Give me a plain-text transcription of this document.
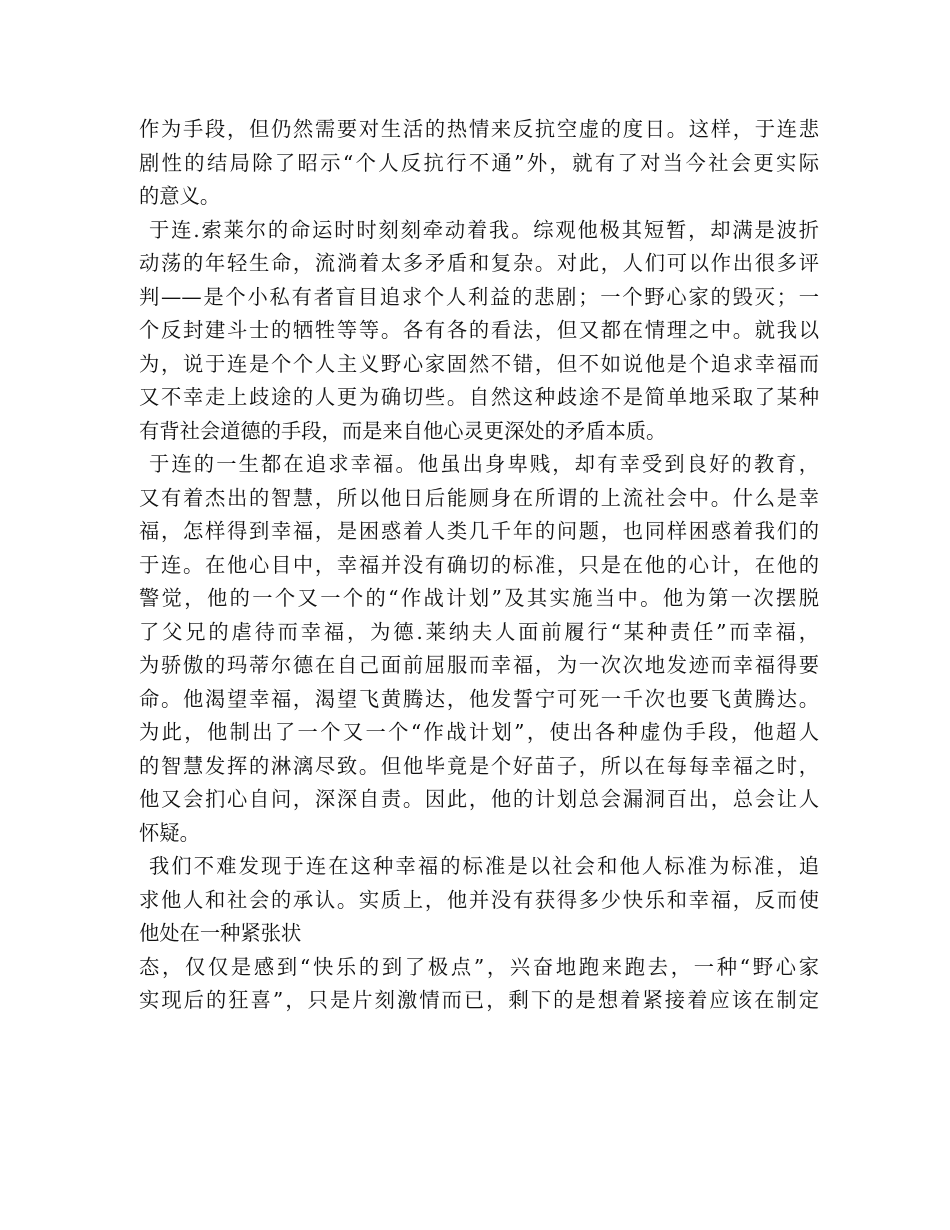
作为手段，但仍然需要对生活的热情来反抗空虚的度日。这样，于连悲
剧性的结局除了昭示“个人反抗行不通”外，就有了对当今社会更实际
的意义。
于连.索莱尔的命运时时刻刻牵动着我。综观他极其短暂，却满是波折
动荡的年轻生命，流淌着太多矛盾和复杂。对此，人们可以作出很多评
判——是个小私有者盲目追求个人利益的悲剧；一个野心家的毁灭；一
个反封建斗士的牺牲等等。各有各的看法，但又都在情理之中。就我以
为，说于连是个个人主义野心家固然不错，但不如说他是个追求幸福而
又不幸走上歧途的人更为确切些。自然这种歧途不是简单地采取了某种
有背社会道德的手段，而是来自他心灵更深处的矛盾本质。
于连的一生都在追求幸福。他虽出身卑贱，却有幸受到良好的教育，
又有着杰出的智慧，所以他日后能厕身在所谓的上流社会中。什么是幸
福，怎样得到幸福，是困惑着人类几千年的问题，也同样困惑着我们的
于连。在他心目中，幸福并没有确切的标准，只是在他的心计，在他的
警觉，他的一个又一个的“作战计划”及其实施当中。他为第一次摆脱
了父兄的虐待而幸福，为德.莱纳夫人面前履行“某种责任”而幸福，
为骄傲的玛蒂尔德在自己面前屈服而幸福，为一次次地发迹而幸福得要
命。他渴望幸福，渴望飞黄腾达，他发誓宁可死一千次也要飞黄腾达。
为此，他制出了一个又一个“作战计划”，使出各种虚伪手段，他超人
的智慧发挥的淋漓尽致。但他毕竟是个好苗子，所以在每每幸福之时，
他又会扪心自问，深深自责。因此，他的计划总会漏洞百出，总会让人
怀疑。
我们不难发现于连在这种幸福的标准是以社会和他人标准为标准，追
求他人和社会的承认。实质上，他并没有获得多少快乐和幸福，反而使
他处在一种紧张状
态，仅仅是感到“快乐的到了极点”，兴奋地跑来跑去，一种“野心家
实现后的狂喜”，只是片刻激情而已，剩下的是想着紧接着应该在制定
